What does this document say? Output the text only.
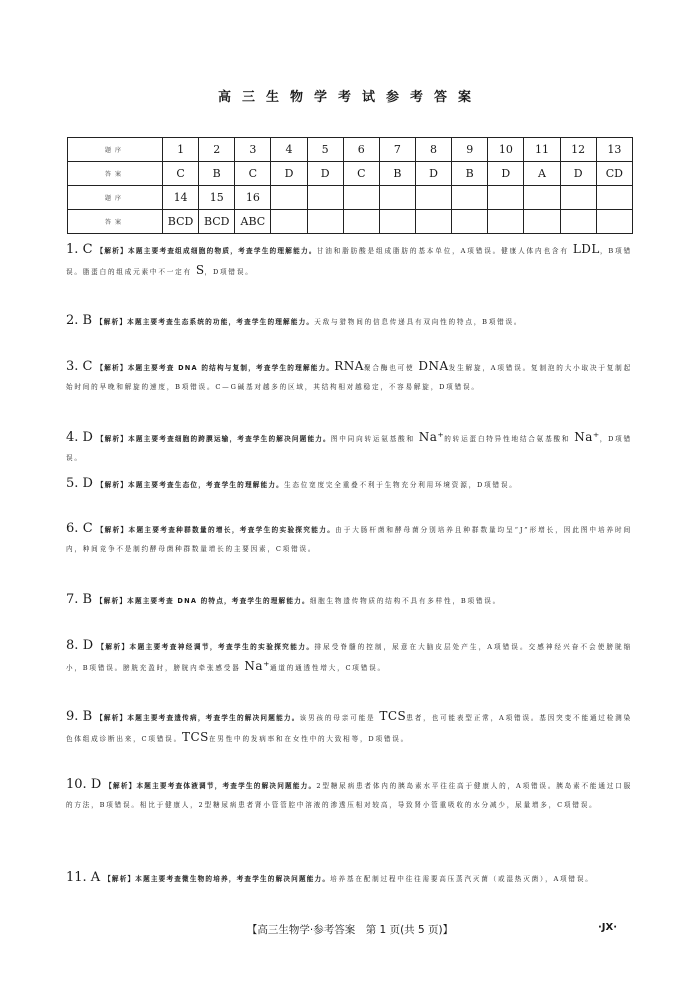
高三生物学考试参考答案
题序	1	2	3	4	5	6	7	8	9	10	11	12	13
答案	C	B	C	D	D	C	B	D	B	D	A	D	CD
题序	14	15	16										
答案	BCD	BCD	ABC										
1. C 【解析】本题主要考查组成细胞的物质，考查学生的理解能力。甘油和脂肪酸是组成脂肪的基本单位，A项错误。健康人体内也含有 LDL，B项错误。脂蛋白的组成元素中不一定有 S，D项错误。
2. B 【解析】本题主要考查生态系统的功能，考查学生的理解能力。天敌与猎物间的信息传递具有双向性的特点，B项错误。
3. C 【解析】本题主要考查 DNA 的结构与复制，考查学生的理解能力。RNA聚合酶也可使 DNA发生解旋，A项错误。复制泡的大小取决于复制起始时间的早晚和解旋的速度，B项错误。C—G碱基对越多的区域，其结构相对越稳定，不容易解旋，D项错误。
4. D 【解析】本题主要考查细胞的跨膜运输，考查学生的解决问题能力。图中同向转运氨基酸和 Na⁺的转运蛋白特异性地结合氨基酸和 Na⁺，D项错误。
5. D 【解析】本题主要考查生态位，考查学生的理解能力。生态位宽度完全重叠不利于生物充分利用环境资源，D项错误。
6. C 【解析】本题主要考查种群数量的增长，考查学生的实验探究能力。由于大肠杆菌和酵母菌分别培养且种群数量均呈“J”形增长，因此图中培养时间内，种间竞争不是制约酵母菌种群数量增长的主要因素，C项错误。
7. B 【解析】本题主要考查 DNA 的特点，考查学生的理解能力。细胞生物遗传物质的结构不具有多样性，B项错误。
8. D 【解析】本题主要考查神经调节，考查学生的实验探究能力。排尿受脊髓的控制，尿意在大脑皮层处产生，A项错误。交感神经兴奋不会使膀胱缩小，B项错误。膀胱充盈时，膀胱内牵张感受器 Na⁺通道的通透性增大，C项错误。
9. B 【解析】本题主要考查遗传病，考查学生的解决问题能力。该男孩的母亲可能是 TCS患者，也可能表型正常，A项错误。基因突变不能通过检测染色体组成诊断出来，C项错误。TCS在男性中的发病率和在女性中的大致相等，D项错误。
10. D 【解析】本题主要考查体液调节，考查学生的解决问题能力。2型糖尿病患者体内的胰岛素水平往往高于健康人的，A项错误。胰岛素不能通过口服的方法，B项错误。相比于健康人，2型糖尿病患者肾小管管腔中溶液的渗透压相对较高，导致肾小管重吸收的水分减少，尿量增多，C项错误。
11. A 【解析】本题主要考查微生物的培养，考查学生的解决问题能力。培养基在配制过程中往往需要高压蒸汽灭菌（或湿热灭菌），A项错误。
【高三生物学·参考答案　第 1 页(共 5 页)】	·JX·
